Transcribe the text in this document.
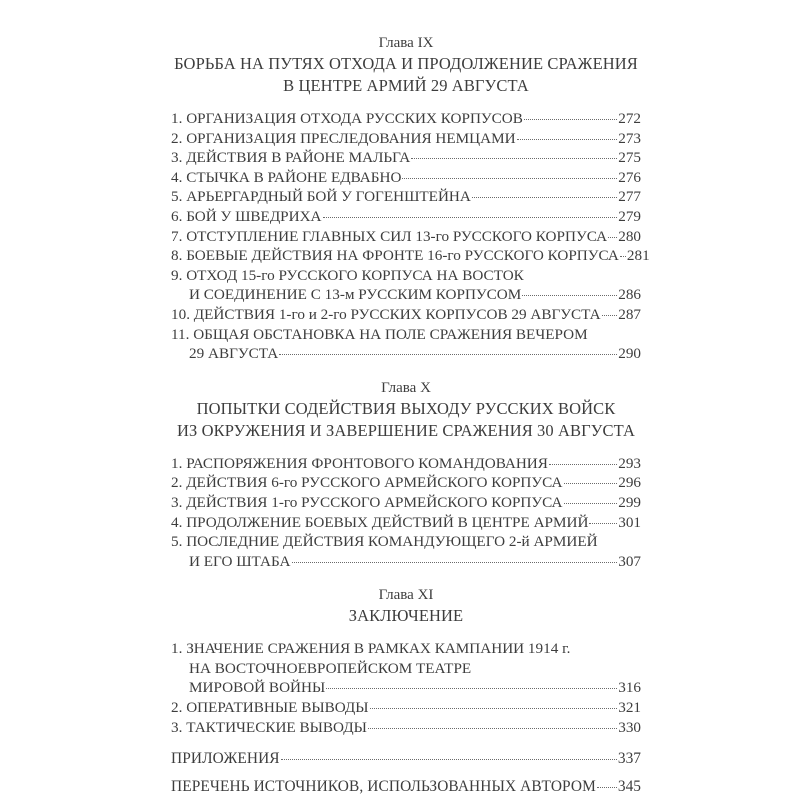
Глава IX
БОРЬБА НА ПУТЯХ ОТХОДА И ПРОДОЛЖЕНИЕ СРАЖЕНИЯ
В ЦЕНТРЕ АРМИЙ 29 АВГУСТА
1. ОРГАНИЗАЦИЯ ОТХОДА РУССКИХ КОРПУСОВ	272
2. ОРГАНИЗАЦИЯ ПРЕСЛЕДОВАНИЯ НЕМЦАМИ	273
3. ДЕЙСТВИЯ В РАЙОНЕ МАЛЬГА	275
4. СТЫЧКА В РАЙОНЕ ЕДВАБНО	276
5. АРЬЕРГАРДНЫЙ БОЙ У ГОГЕНШТЕЙНА	277
6. БОЙ У ШВЕДРИХА	279
7. ОТСТУПЛЕНИЕ ГЛАВНЫХ СИЛ 13-го РУССКОГО КОРПУСА 280
8. БОЕВЫЕ ДЕЙСТВИЯ НА ФРОНТЕ 16-го РУССКОГО КОРПУСА 281
9. ОТХОД 15-го РУССКОГО КОРПУСА НА ВОСТОК
И СОЕДИНЕНИЕ С 13-м РУССКИМ КОРПУСОМ	286
10. ДЕЙСТВИЯ 1-го и 2-го РУССКИХ КОРПУСОВ 29 АВГУСТА 287
11. ОБЩАЯ ОБСТАНОВКА НА ПОЛЕ СРАЖЕНИЯ ВЕЧЕРОМ
29 АВГУСТА	290
Глава X
ПОПЫТКИ СОДЕЙСТВИЯ ВЫХОДУ РУССКИХ ВОЙСК
ИЗ ОКРУЖЕНИЯ И ЗАВЕРШЕНИЕ СРАЖЕНИЯ 30 АВГУСТА
1. РАСПОРЯЖЕНИЯ ФРОНТОВОГО КОМАНДОВАНИЯ	293
2. ДЕЙСТВИЯ 6-го РУССКОГО АРМЕЙСКОГО КОРПУСА	296
3. ДЕЙСТВИЯ 1-го РУССКОГО АРМЕЙСКОГО КОРПУСА	299
4. ПРОДОЛЖЕНИЕ БОЕВЫХ ДЕЙСТВИЙ В ЦЕНТРЕ АРМИЙ 301
5. ПОСЛЕДНИЕ ДЕЙСТВИЯ КОМАНДУЮЩЕГО 2-й АРМИЕЙ
И ЕГО ШТАБА	307
Глава XI
ЗАКЛЮЧЕНИЕ
1. ЗНАЧЕНИЕ СРАЖЕНИЯ В РАМКАХ КАМПАНИИ 1914 г.
НА ВОСТОЧНОЕВРОПЕЙСКОМ ТЕАТРЕ
МИРОВОЙ ВОЙНЫ	316
2. ОПЕРАТИВНЫЕ ВЫВОДЫ	321
3. ТАКТИЧЕСКИЕ ВЫВОДЫ	330
ПРИЛОЖЕНИЯ	337
ПЕРЕЧЕНЬ ИСТОЧНИКОВ, ИСПОЛЬЗОВАННЫХ АВТОРОМ 345
